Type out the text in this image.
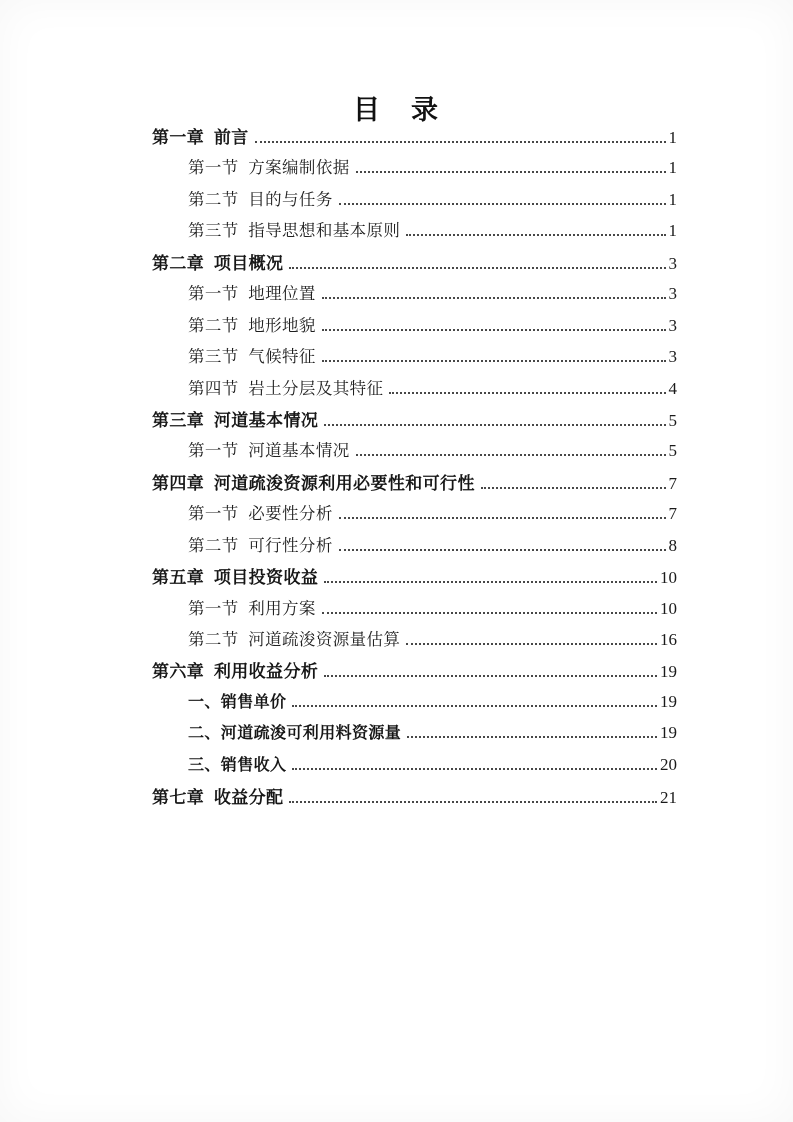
目　录
第一章 前言	1
第一节 方案编制依据	1
第二节 目的与任务	1
第三节 指导思想和基本原则	1
第二章 项目概况	3
第一节 地理位置	3
第二节 地形地貌	3
第三节 气候特征	3
第四节 岩土分层及其特征	4
第三章 河道基本情况	5
第一节 河道基本情况	5
第四章 河道疏浚资源利用必要性和可行性	7
第一节 必要性分析	7
第二节 可行性分析	8
第五章 项目投资收益	10
第一节 利用方案	10
第二节 河道疏浚资源量估算	16
第六章 利用收益分析	19
一、销售单价	19
二、河道疏浚可利用料资源量	19
三、销售收入	20
第七章 收益分配	21
